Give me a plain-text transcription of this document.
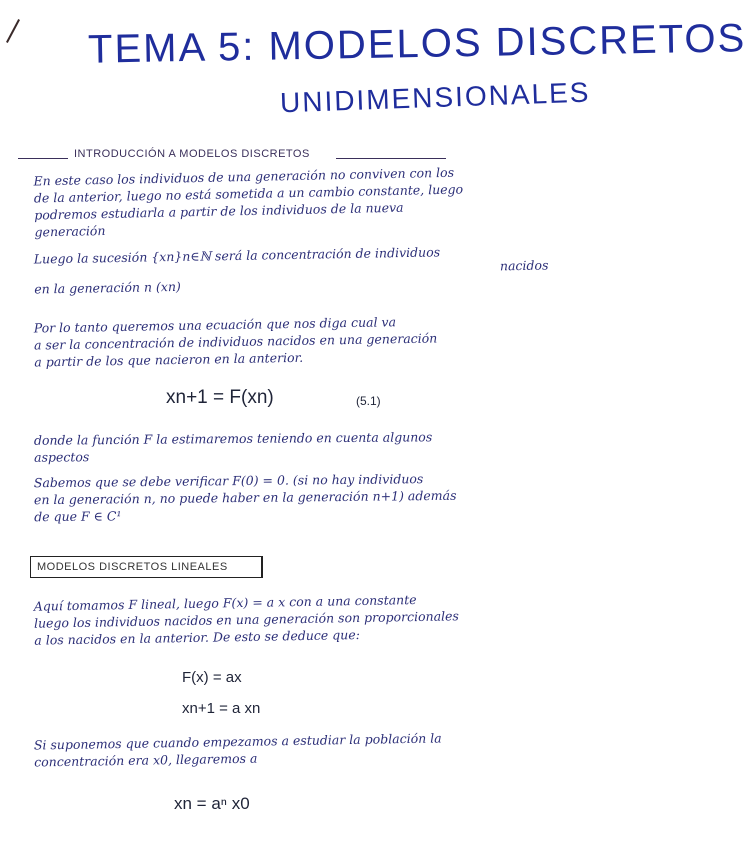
TEMA 5: MODELOS DISCRETOS
UNIDIMENSIONALES
INTRODUCCIÓN A MODELOS DISCRETOS
En este caso los individuos de una generación no conviven con los
de la anterior, luego no está sometida a un cambio constante, luego
podremos estudiarla a partir de los individuos de la nueva
generación
Luego la sucesión {xn}n∈ℕ será la concentración de individuos	nacidos
en la generación n (xn)
Por lo tanto queremos una ecuación que nos diga cual va
a ser la concentración de individuos nacidos en una generación
a partir de los que nacieron en la anterior.
xn+1 = F(xn)	(5.1)
donde la función F la estimaremos teniendo en cuenta algunos
aspectos
Sabemos que se debe verificar F(0) = 0. (si no hay individuos
en la generación n, no puede haber en la generación n+1) además
de que F ∈ C¹
MODELOS DISCRETOS LINEALES
Aquí tomamos F lineal, luego F(x) = a x con a una constante
luego los individuos nacidos en una generación son proporcionales
a los nacidos en la anterior. De esto se deduce que:
F(x) = ax
xn+1 = a xn
Si suponemos que cuando empezamos a estudiar la población la
concentración era x0, llegaremos a
xn = aⁿ x0
